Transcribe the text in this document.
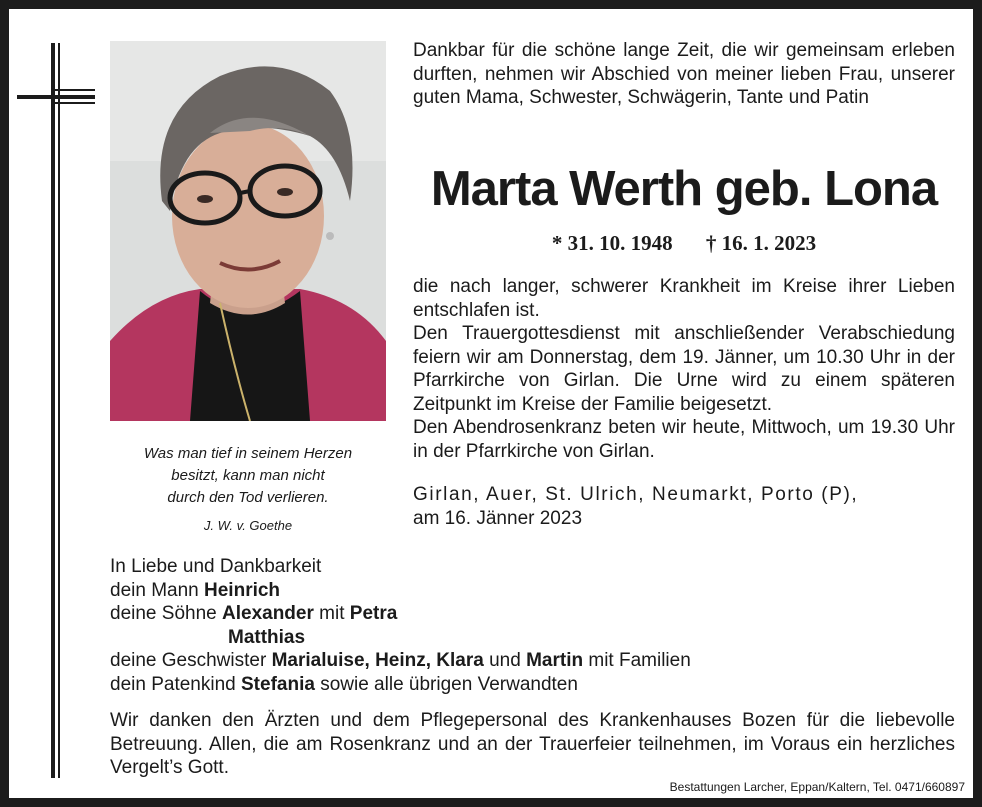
Was man tief in seinem Herzen
besitzt, kann man nicht
durch den Tod verlieren.
J. W. v. Goethe
Dankbar für die schöne lange Zeit, die wir gemeinsam erleben durften, nehmen wir Abschied von meiner lieben Frau, unserer guten Mama, Schwester, Schwägerin, Tante und Patin
Marta Werth geb. Lona
* 31. 10. 1948 † 16. 1. 2023

die nach langer, schwerer Krankheit im Kreise ihrer Lieben entschlafen ist.

Den Trauergottesdienst mit anschließender Verabschiedung feiern wir am Donnerstag, dem 19. Jänner, um 10.30 Uhr in der Pfarrkirche von Girlan. Die Urne wird zu einem späteren Zeitpunkt im Kreise der Familie beigesetzt.

Den Abendrosenkranz beten wir heute, Mittwoch, um 19.30 Uhr in der Pfarrkirche von Girlan.

Girlan, Auer, St. Ulrich, Neumarkt, Porto (P),
am 16. Jänner 2023
In Liebe und Dankbarkeit
dein Mann Heinrich
deine Söhne Alexander mit Petra
Matthias
deine Geschwister Marialuise, Heinz, Klara und Martin mit Familien
dein Patenkind Stefania sowie alle übrigen Verwandten
Wir danken den Ärzten und dem Pflegepersonal des Krankenhauses Bozen für die liebevolle Betreuung. Allen, die am Rosenkranz und an der Trauerfeier teilnehmen, im Voraus ein herzliches Vergelt’s Gott.
Bestattungen Larcher, Eppan/Kaltern, Tel. 0471/660897
